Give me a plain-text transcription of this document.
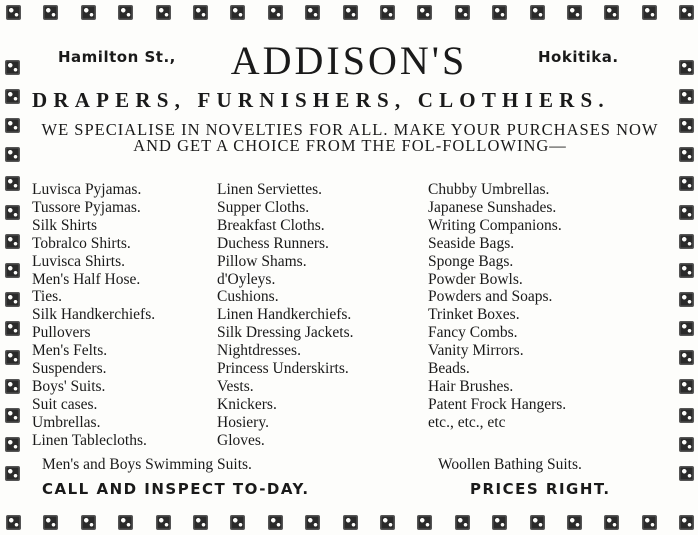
Hamilton St.,	ADDISON'S	Hokitika.
DRAPERS, FURNISHERS, CLOTHIERS.
WE SPECIALISE IN NOVELTIES FOR ALL. MAKE YOUR PURCHASES NOW AND GET A CHOICE FROM THE FOL-FOLLOWING—
Luvisca Pyjamas.
Tussore Pyjamas.
Silk Shirts
Tobralco Shirts.
Luvisca Shirts.
Men's Half Hose.
Ties.
Silk Handkerchiefs.
Pullovers
Men's Felts.
Suspenders.
Boys' Suits.
Suit cases.
Umbrellas.
Linen Tablecloths.
Linen Serviettes.
Supper Cloths.
Breakfast Cloths.
Duchess Runners.
Pillow Shams.
d'Oyleys.
Cushions.
Linen Handkerchiefs.
Silk Dressing Jackets.
Nightdresses.
Princess Underskirts.
Vests.
Knickers.
Hosiery.
Gloves.
Chubby Umbrellas.
Japanese Sunshades.
Writing Companions.
Seaside Bags.
Sponge Bags.
Powder Bowls.
Powders and Soaps.
Trinket Boxes.
Fancy Combs.
Vanity Mirrors.
Beads.
Hair Brushes.
Patent Frock Hangers.
etc., etc., etc
Men's and Boys Swimming Suits.	Woollen Bathing Suits.
CALL AND INSPECT TO-DAY.	PRICES RIGHT.
